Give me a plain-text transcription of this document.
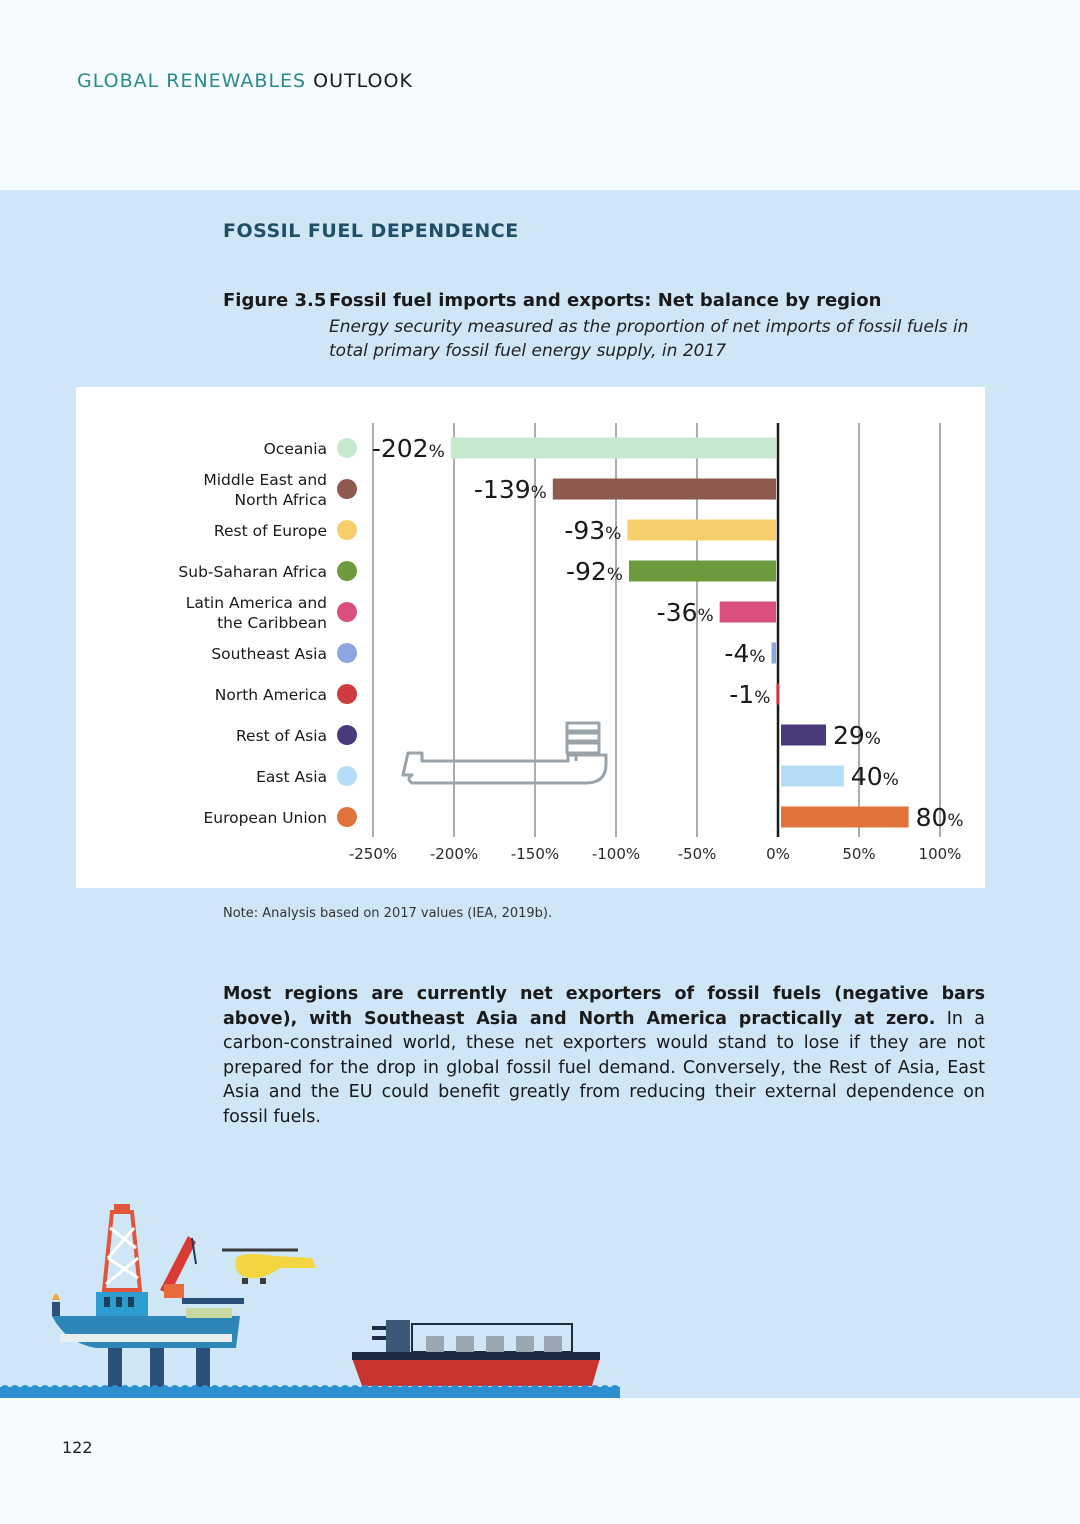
GLOBAL RENEWABLES OUTLOOK
FOSSIL FUEL DEPENDENCE
Figure 3.5 Fossil fuel imports and exports: Net balance by region
Energy security measured as the proportion of net imports of fossil fuels in total primary fossil fuel energy supply, in 2017
-202%
-139%
-93%
-92%
-36%
-4%
-1%
29%
40%
80%
Oceania
Middle East and
North Africa
Rest of Europe
Sub-Saharan Africa
Latin America and
the Caribbean
Southeast Asia
North America
Rest of Asia
East Asia
European Union
-250% -200% -150% -100% -50%	0%	50%	100%
Note: Analysis based on 2017 values (IEA, 2019b).
Most regions are currently net exporters of fossil fuels (negative bars above), with Southeast Asia and North America practically at zero. In a carbon-constrained world, these net exporters would stand to lose if they are not prepared for the drop in global fossil fuel demand. Conversely, the Rest of Asia, East Asia and the EU could benefit greatly from reducing their external dependence on fossil fuels.
122
